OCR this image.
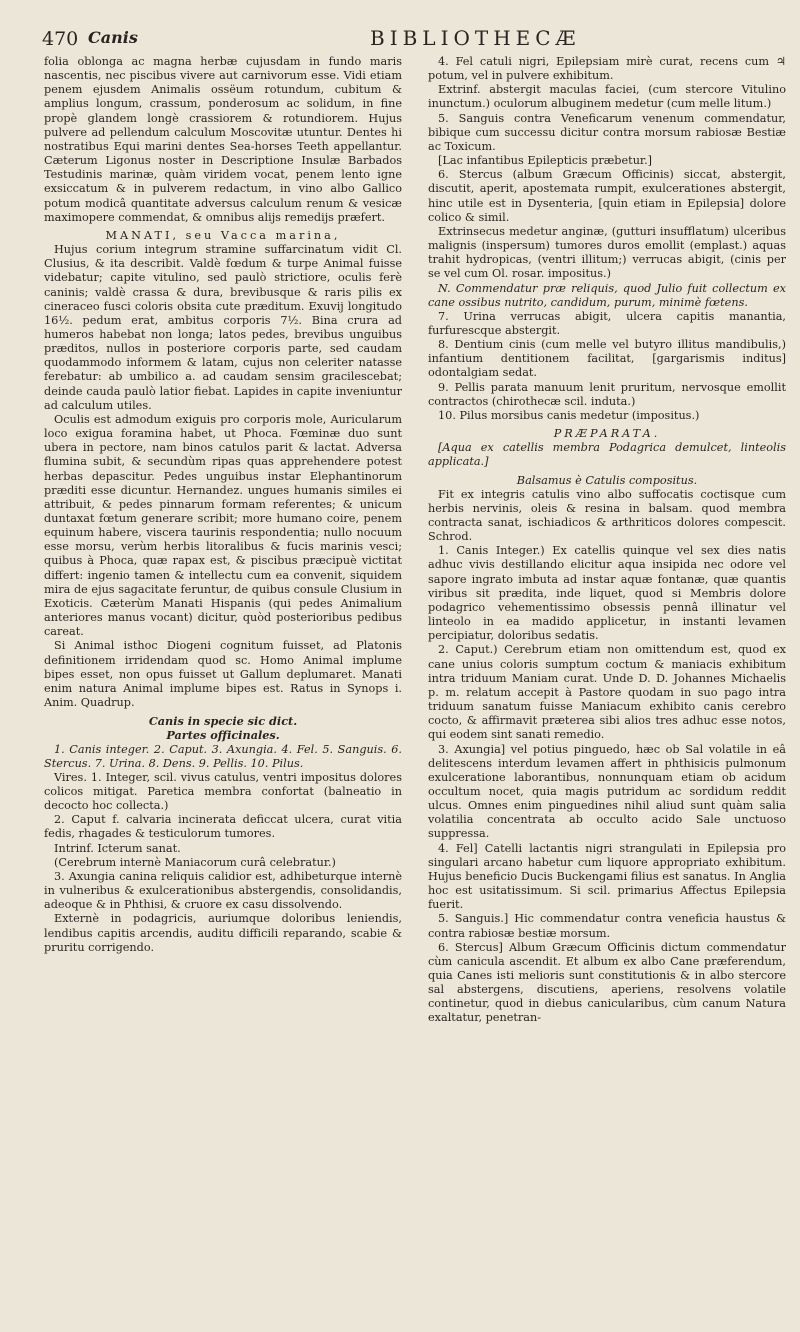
470 Canis	BIBLIOTHECÆ

folia oblonga ac magna herbæ cujusdam in fundo maris nascentis, nec piscibus vivere aut carnivorum esse. Vidi etiam penem ejusdem Animalis ossëum rotundum, cubitum & amplius longum, crassum, ponderosum ac solidum, in fine propè glandem longè crassiorem & rotundiorem. Hujus pulvere ad pellendum calculum Moscovitæ utuntur. Dentes hi nostratibus Equi marini dentes Sea-horses Teeth appellantur. Cæterum Ligonus noster in Descriptione Insulæ Barbados Testudinis marinæ, quàm viridem vocat, penem lento igne exsiccatum & in pulverem redactum, in vino albo Gallico potum modicâ quantitate adversus calculum renum & vesicæ maximopere commendat, & omnibus alijs remedijs præfert.

MANATI, seu Vacca marina,

Hujus corium integrum stramine suffarcinatum vidit Cl. Clusius, & ita describit. Valdè fœdum & turpe Animal fuisse videbatur; capite vitulino, sed paulò strictiore, oculis ferè caninis; valdè crassa & dura, brevibusque & raris pilis ex cineraceo fusci coloris obsita cute præditum. Exuvij longitudo 16½. pedum erat, ambitus corporis 7½. Bina crura ad humeros habebat non longa; latos pedes, brevibus unguibus præditos, nullos in posteriore corporis parte, sed caudam quodammodo informem & latam, cujus non celeriter natasse ferebatur: ab umbilico a. ad caudam sensim gracilescebat; deinde cauda paulò latior fiebat. Lapides in capite inveniuntur ad calculum utiles.

Oculis est admodum exiguis pro corporis mole, Auricularum loco exigua foramina habet, ut Phoca. Fœminæ duo sunt ubera in pectore, nam binos catulos parit & lactat. Adversa flumina subit, & secundùm ripas quas apprehendere potest herbas depascitur. Pedes unguibus instar Elephantinorum præditi esse dicuntur. Hernandez. ungues humanis similes ei attribuit, & pedes pinnarum formam referentes; & unicum duntaxat fœtum generare scribit; more humano coire, penem equinum habere, viscera taurinis respondentia; nullo nocuum esse morsu, verùm herbis litoralibus & fucis marinis vesci; quibus à Phoca, quæ rapax est, & piscibus præcipuè victitat differt: ingenio tamen & intellectu cum ea convenit, siquidem mira de ejus sagacitate feruntur, de quibus consule Clusium in Exoticis. Cæterùm Manati Hispanis (qui pedes Animalium anteriores manus vocant) dicitur, quòd posterioribus pedibus careat.

Si Animal isthoc Diogeni cognitum fuisset, ad Platonis definitionem irridendam quod sc. Homo Animal implume bipes esset, non opus fuisset ut Gallum deplumaret. Manati enim natura Animal implume bipes est. Ratus in Synops i. Anim. Quadrup.

Canis in specie sic dict.

Partes officinales.

1. Canis integer. 2. Caput. 3. Axungia. 4. Fel. 5. Sanguis. 6. Stercus. 7. Urina. 8. Dens. 9. Pellis. 10. Pilus.

Vires. 1. Integer, scil. vivus catulus, ventri impositus dolores colicos mitigat. Paretica membra confortat (balneatio in decocto hoc collecta.)

2. Caput f. calvaria incinerata deficcat ulcera, curat vitia fedis, rhagades & testiculorum tumores.

Intrinf. Icterum sanat.

(Cerebrum internè Maniacorum curâ celebratur.)

3. Axungia canina reliquis calidior est, adhibeturque internè in vulneribus & exulcerationibus abstergendis, consolidandis, adeoque & in Phthisi, & cruore ex casu dissolvendo.

Externè in podagricis, auriumque doloribus leniendis, lendibus capitis arcendis, auditu difficili reparando, scabie & pruritu corrigendo.

4. Fel catuli nigri, Epilepsiam mirè curat, recens cum ♃ potum, vel in pulvere exhibitum.

Extrinf. abstergit maculas faciei, (cum stercore Vitulino inunctum.) oculorum albuginem medetur (cum melle litum.)

5. Sanguis contra Veneficarum venenum commendatur, bibique cum successu dicitur contra morsum rabiosæ Bestiæ ac Toxicum.

[Lac infantibus Epilepticis præbetur.]

6. Stercus (album Græcum Officinis) siccat, abstergit, discutit, aperit, apostemata rumpit, exulcerationes abstergit, hinc utile est in Dysenteria, [quin etiam in Epilepsia] dolore colico & simil.

Extrinsecus medetur anginæ, (gutturi insufflatum) ulceribus malignis (inspersum) tumores duros emollit (emplast.) aquas trahit hydropicas, (ventri illitum;) verrucas abigit, (cinis per se vel cum Ol. rosar. impositus.)

N. Commendatur præ reliquis, quod Julio fuit collectum ex cane ossibus nutrito, candidum, purum, minimè fœtens.

7. Urina verrucas abigit, ulcera capitis manantia, furfurescque abstergit.

8. Dentium cinis (cum melle vel butyro illitus mandibulis,) infantium dentitionem facilitat, [gargarismis inditus] odontalgiam sedat.

9. Pellis parata manuum lenit pruritum, nervosque emollit contractos (chirothecæ scil. induta.)

10. Pilus morsibus canis medetur (impositus.)

PRÆPARATA.

[Aqua ex catellis membra Podagrica demulcet, linteolis applicata.]

Balsamus è Catulis compositus.

Fit ex integris catulis vino albo suffocatis coctisque cum herbis nervinis, oleis & resina in balsam. quod membra contracta sanat, ischiadicos & arthriticos dolores compescit. Schrod.

1. Canis Integer.) Ex catellis quinque vel sex dies natis adhuc vivis destillando elicitur aqua insipida nec odore vel sapore ingrato imbuta ad instar aquæ fontanæ, quæ quantis viribus sit prædita, inde liquet, quod si Membris dolore podagrico vehementissimo obsessis pennâ illinatur vel linteolo in ea madido applicetur, in instanti levamen percipiatur, doloribus sedatis.

2. Caput.) Cerebrum etiam non omittendum est, quod ex cane unius coloris sumptum coctum & maniacis exhibitum intra triduum Maniam curat. Unde D. D. Johannes Michaelis p. m. relatum accepit à Pastore quodam in suo pago intra triduum sanatum fuisse Maniacum exhibito canis cerebro cocto, & affirmavit præterea sibi alios tres adhuc esse notos, qui eodem sint sanati remedio.

3. Axungia] vel potius pinguedo, hæc ob Sal volatile in eâ delitescens interdum levamen affert in phthisicis pulmonum exulceratione laborantibus, nonnunquam etiam ob acidum occultum nocet, quia magis putridum ac sordidum reddit ulcus. Omnes enim pinguedines nihil aliud sunt quàm salia volatilia concentrata ab occulto acido Sale unctuoso suppressa.

4. Fel] Catelli lactantis nigri strangulati in Epilepsia pro singulari arcano habetur cum liquore appropriato exhibitum. Hujus beneficio Ducis Buckengami filius est sanatus. In Anglia hoc est usitatissimum. Si scil. primarius Affectus Epilepsia fuerit.

5. Sanguis.] Hic commendatur contra veneficia haustus & contra rabiosæ bestiæ morsum.

6. Stercus] Album Græcum Officinis dictum commendatur cùm canicula ascendit. Et album ex albo Cane præferendum, quia Canes isti melioris sunt constitutionis & in albo stercore sal abstergens, discutiens, aperiens, resolvens volatile continetur, quod in diebus canicularibus, cùm canum Natura exaltatur, penetran-
